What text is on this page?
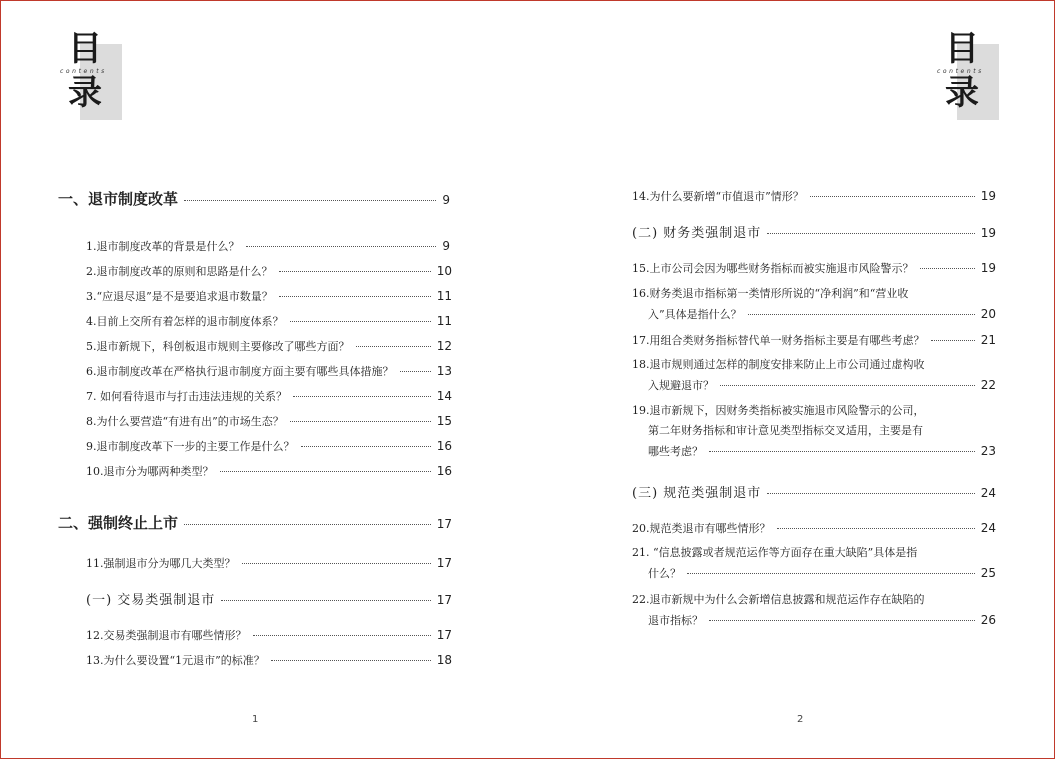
目
contents
录
目
contents
录
一、退市制度改革	9
1.退市制度改革的背景是什么？	9
2.退市制度改革的原则和思路是什么？	10
3.“应退尽退”是不是要追求退市数量？	11
4.目前上交所有着怎样的退市制度体系？	11
5.退市新规下，科创板退市规则主要修改了哪些方面？	12
6.退市制度改革在严格执行退市制度方面主要有哪些具体措施？	13
7. 如何看待退市与打击违法违规的关系？	14
8.为什么要营造“有进有出”的市场生态？	15
9.退市制度改革下一步的主要工作是什么？	16
10.退市分为哪两种类型？	16
二、强制终止上市	17
11.强制退市分为哪几大类型？	17
(一) 交易类强制退市	17
12.交易类强制退市有哪些情形？	17
13.为什么要设置“1元退市”的标准？	18
1
14.为什么要新增“市值退市”情形？	19
(二) 财务类强制退市	19
15.上市公司会因为哪些财务指标而被实施退市风险警示？	19
16.财务类退市指标第一类情形所说的“净利润”和“营业收
入”具体是指什么？	20
17.用组合类财务指标替代单一财务指标主要是有哪些考虑？	21
18.退市规则通过怎样的制度安排来防止上市公司通过虚构收
入规避退市？	22
19.退市新规下，因财务类指标被实施退市风险警示的公司，
第二年财务指标和审计意见类型指标交叉适用，主要是有
哪些考虑？	23
(三) 规范类强制退市	24
20.规范类退市有哪些情形？	24
21. “信息披露或者规范运作等方面存在重大缺陷”具体是指
什么？	25
22.退市新规中为什么会新增信息披露和规范运作存在缺陷的
退市指标？	26
2
